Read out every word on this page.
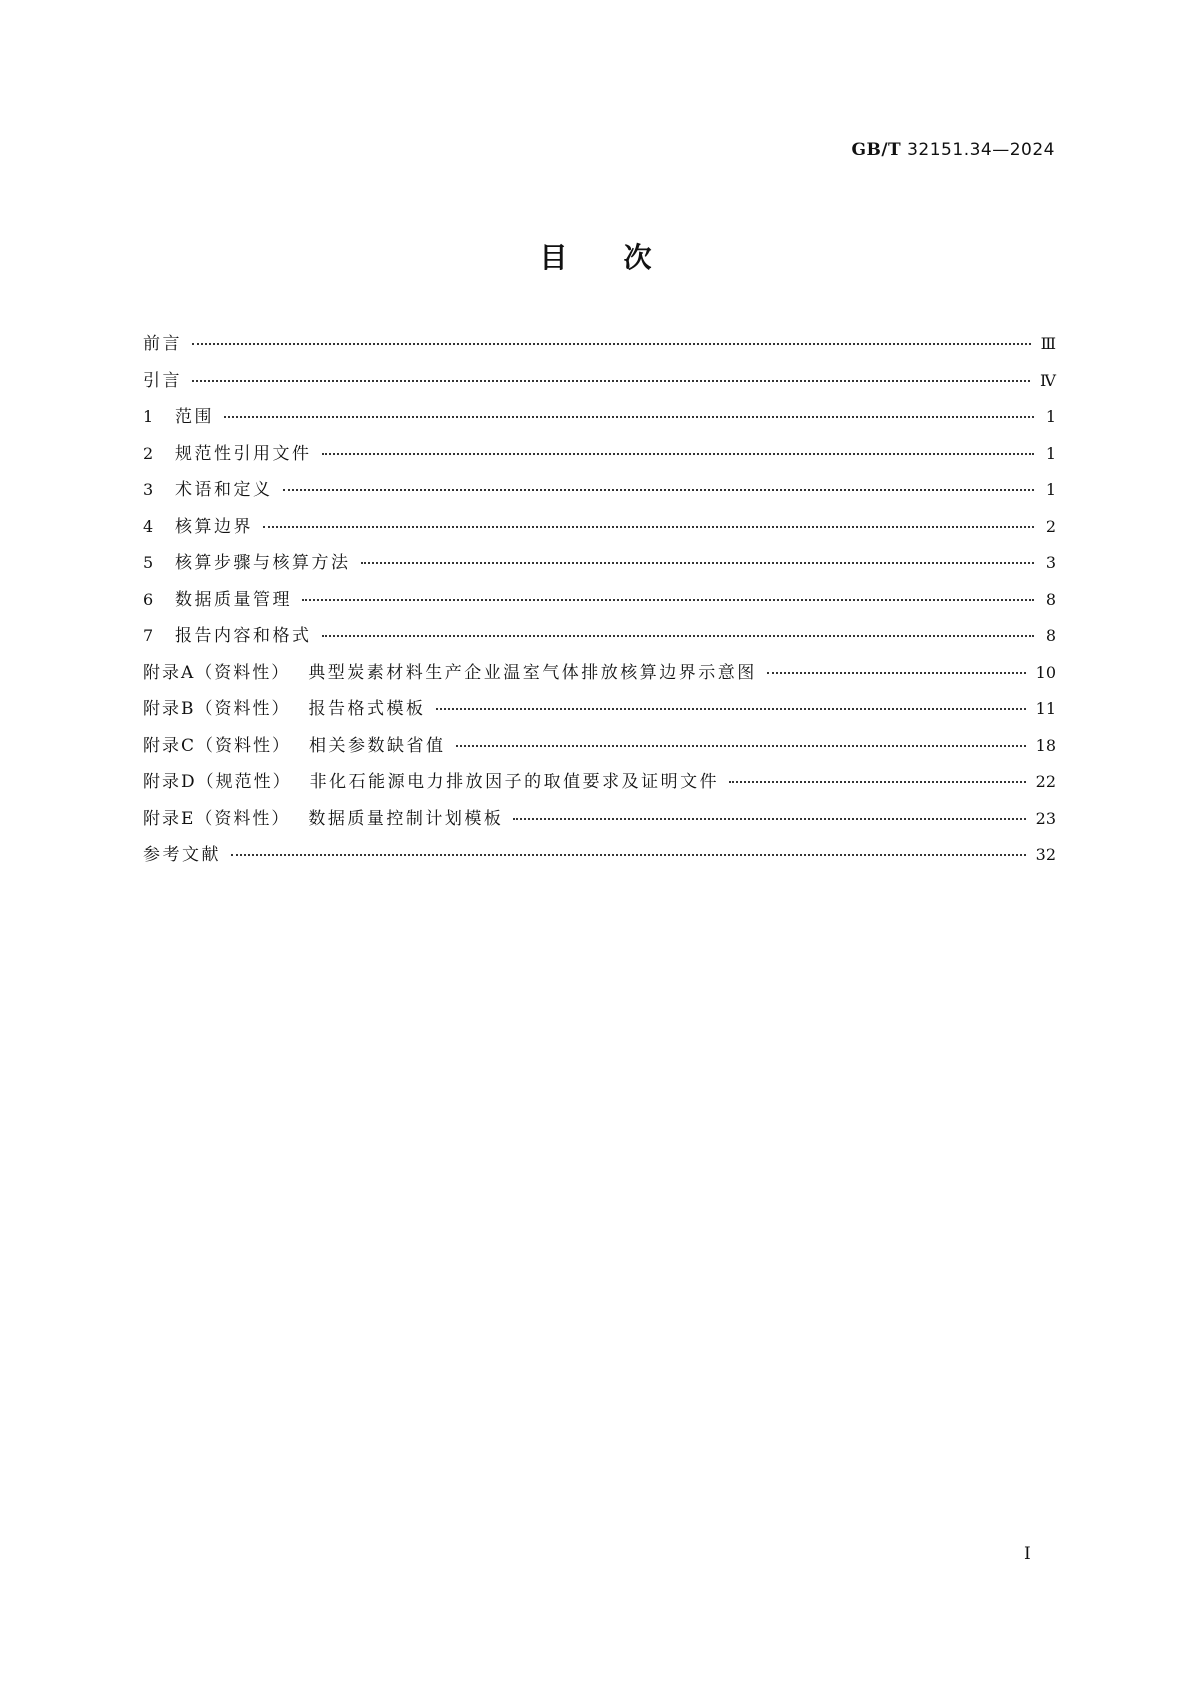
GB/T 32151.34—2024
目次
前言	Ⅲ
引言	Ⅳ
1	范围	1
2	规范性引用文件	1
3	术语和定义	1
4	核算边界	2
5	核算步骤与核算方法	3
6	数据质量管理	8
7	报告内容和格式	8
附录A（资料性） 典型炭素材料生产企业温室气体排放核算边界示意图	10
附录B（资料性） 报告格式模板	11
附录C（资料性） 相关参数缺省值	18
附录D（规范性） 非化石能源电力排放因子的取值要求及证明文件	22
附录E（资料性） 数据质量控制计划模板	23
参考文献	32
Ⅰ
